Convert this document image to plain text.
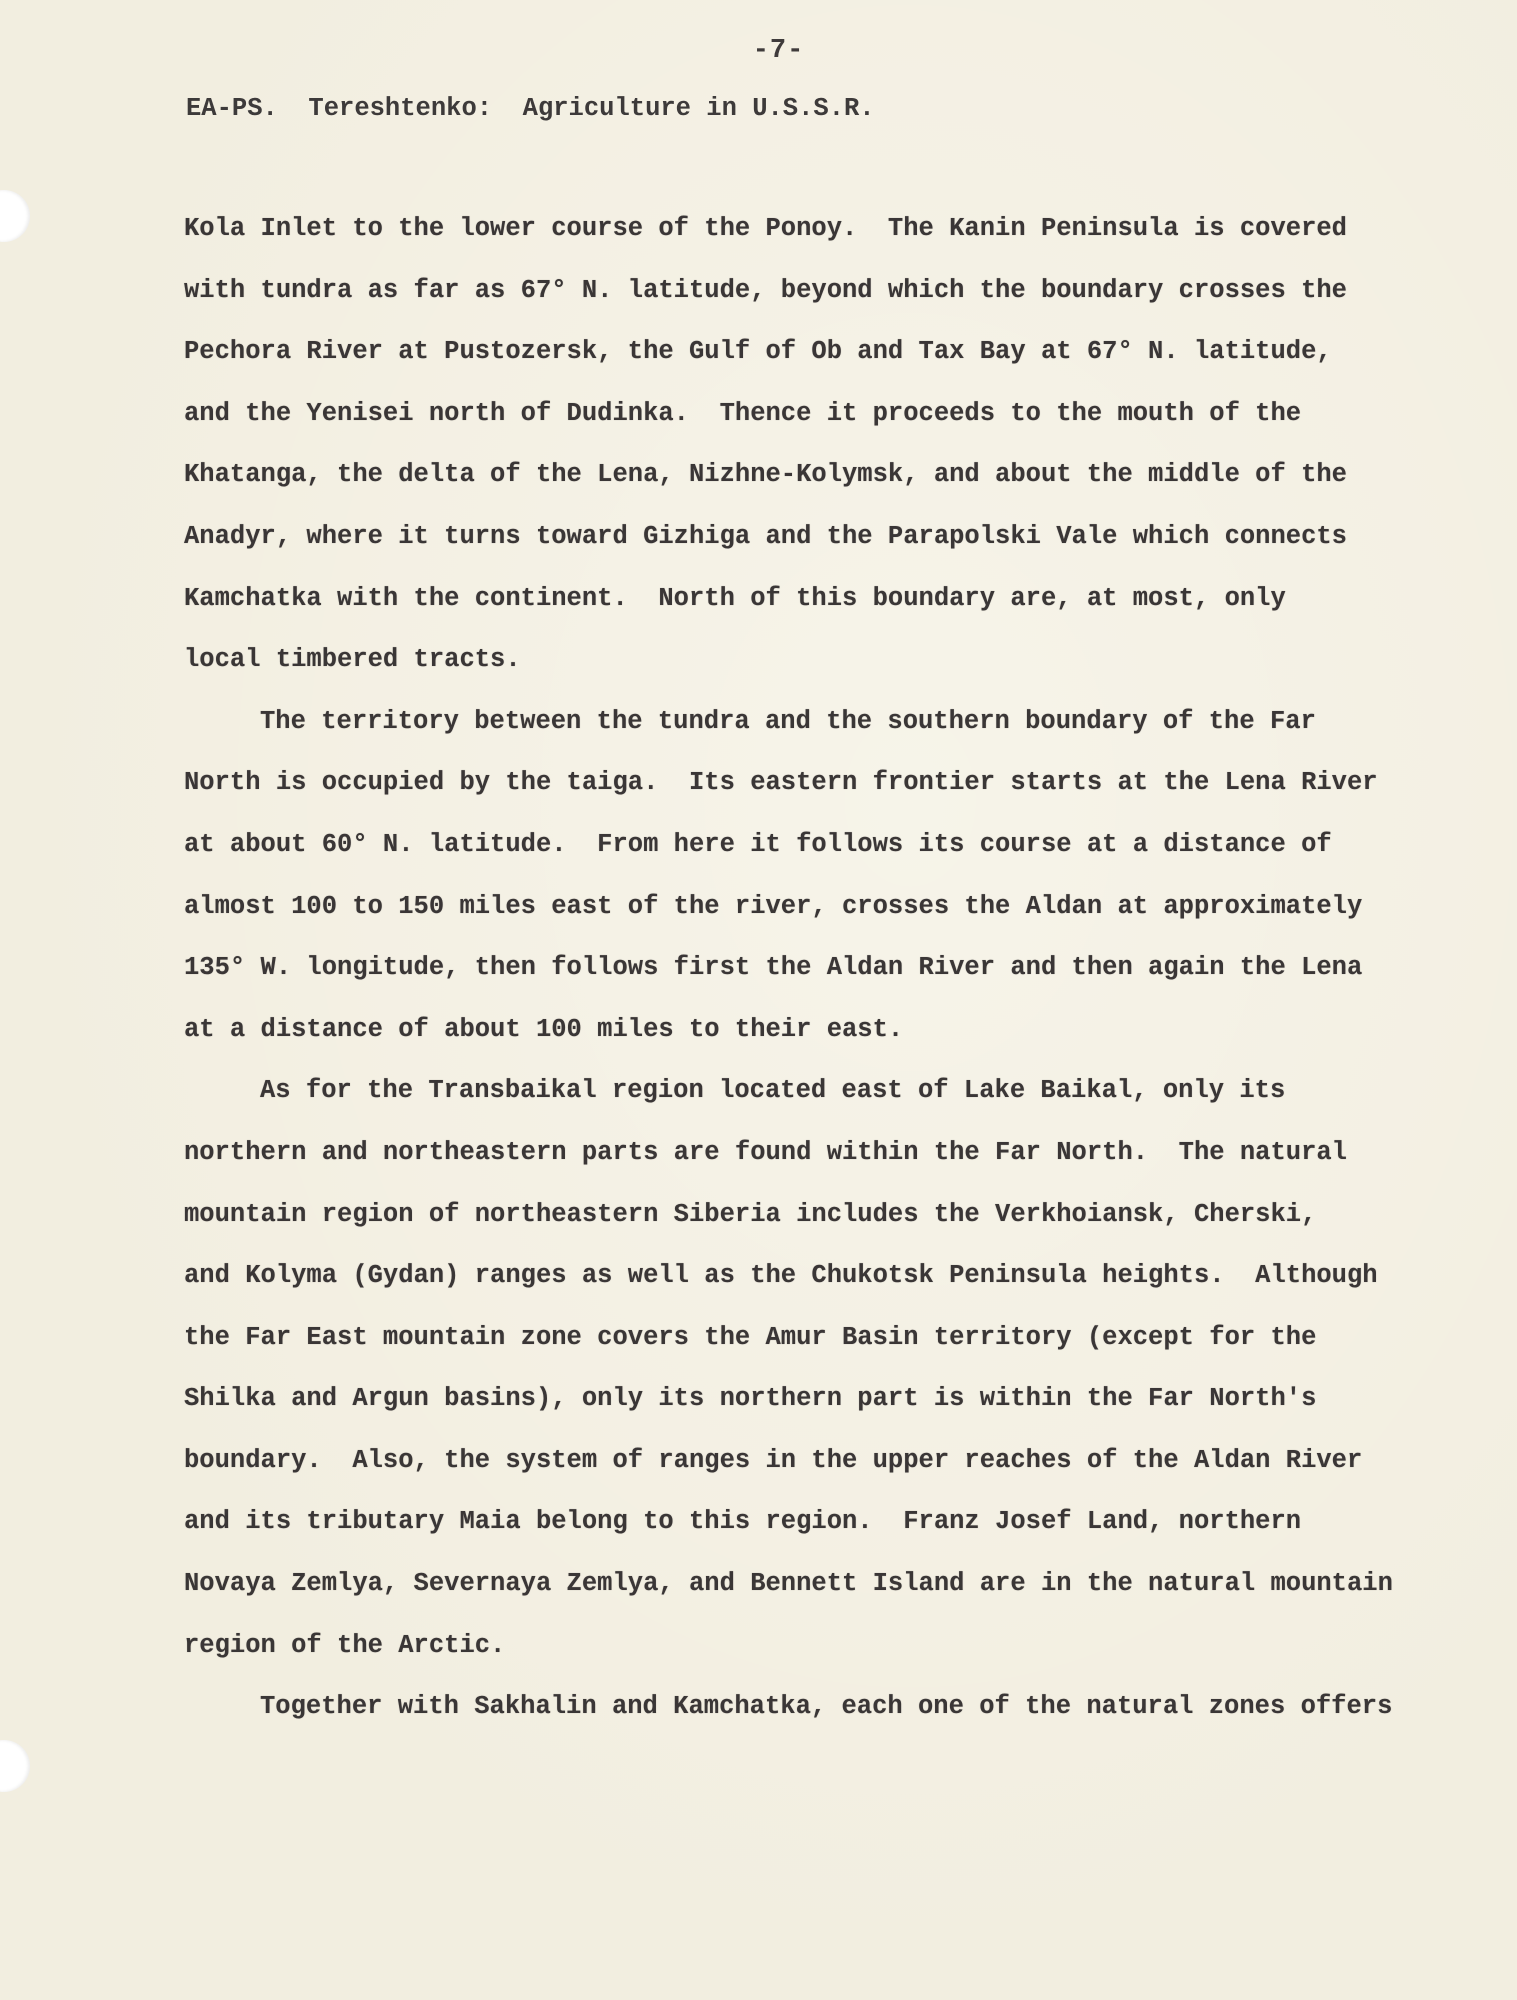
-7-
EA-PS.  Tereshtenko:  Agriculture in U.S.S.R.
Kola Inlet to the lower course of the Ponoy.  The Kanin Peninsula is covered
with tundra as far as 67° N. latitude, beyond which the boundary crosses the
Pechora River at Pustozersk, the Gulf of Ob and Tax Bay at 67° N. latitude,
and the Yenisei north of Dudinka.  Thence it proceeds to the mouth of the
Khatanga, the delta of the Lena, Nizhne-Kolymsk, and about the middle of the
Anadyr, where it turns toward Gizhiga and the Parapolski Vale which connects
Kamchatka with the continent.  North of this boundary are, at most, only
local timbered tracts.
The territory between the tundra and the southern boundary of the Far
North is occupied by the taiga.  Its eastern frontier starts at the Lena River
at about 60° N. latitude.  From here it follows its course at a distance of
almost 100 to 150 miles east of the river, crosses the Aldan at approximately
135° W. longitude, then follows first the Aldan River and then again the Lena
at a distance of about 100 miles to their east.
As for the Transbaikal region located east of Lake Baikal, only its
northern and northeastern parts are found within the Far North.  The natural
mountain region of northeastern Siberia includes the Verkhoiansk, Cherski,
and Kolyma (Gydan) ranges as well as the Chukotsk Peninsula heights.  Although
the Far East mountain zone covers the Amur Basin territory (except for the
Shilka and Argun basins), only its northern part is within the Far North's
boundary.  Also, the system of ranges in the upper reaches of the Aldan River
and its tributary Maia belong to this region.  Franz Josef Land, northern
Novaya Zemlya, Severnaya Zemlya, and Bennett Island are in the natural mountain
region of the Arctic.
Together with Sakhalin and Kamchatka, each one of the natural zones offers
